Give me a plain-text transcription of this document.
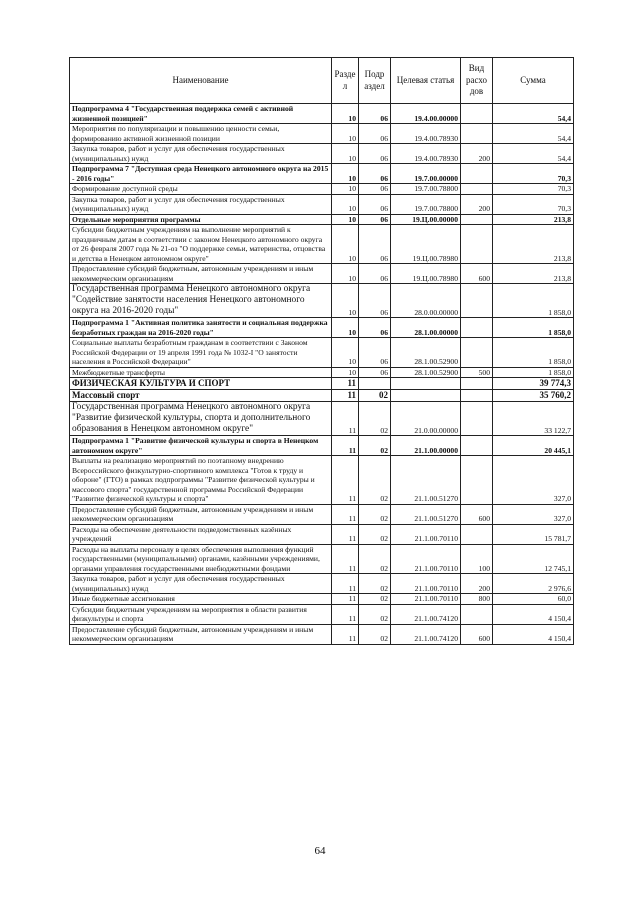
Наименование	Разде л	Подр аздел	Целевая статья	Вид расхо дов	Сумма
Подпрограмма 4 "Государственная поддержка семей с активной жизненной позицией"	10	06	19.4.00.00000		54,4
Мероприятия по популяризации и повышению ценности семьи, формированию активной жизненной позиции	10	06	19.4.00.78930		54,4
Закупка товаров, работ и услуг для обеспечения государственных (муниципальных) нужд	10	06	19.4.00.78930	200	54,4
Подпрограмма 7 "Доступная среда Ненецкого автономного округа на 2015 - 2016 годы"	10	06	19.7.00.00000		70,3
Формирование доступной среды	10	06	19.7.00.78800		70,3
Закупка товаров, работ и услуг для обеспечения государственных (муниципальных) нужд	10	06	19.7.00.78800	200	70,3
Отдельные мероприятия программы	10	06	19.Ц.00.00000		213,8
Субсидии бюджетным учреждениям на выполнение мероприятий к праздничным датам в соответствии с законом Ненецкого автономного округа от 26 февраля 2007 года № 21-оз "О поддержке семьи, материнства, отцовства и детства в Ненецком автономном округе"	10	06	19.Ц.00.78980		213,8
Предоставление субсидий бюджетным, автономным учреждениям и иным некоммерческим организациям	10	06	19.Ц.00.78980	600	213,8
Государственная программа Ненецкого автономного округа "Содействие занятости населения Ненецкого автономного округа на 2016-2020 годы"	10	06	28.0.00.00000		1 858,0
Подпрограмма 1 "Активная политика занятости и социальная поддержка безработных граждан на 2016-2020 годы"	10	06	28.1.00.00000		1 858,0
Социальные выплаты безработным гражданам в соответствии с Законом Российской Федерации от 19 апреля 1991 года № 1032-I "О занятости населения в Российской Федерации"	10	06	28.1.00.52900		1 858,0
Межбюджетные трансферты	10	06	28.1.00.52900	500	1 858,0
ФИЗИЧЕСКАЯ КУЛЬТУРА И СПОРТ	11				39 774,3
Массовый спорт	11	02			35 760,2
Государственная программа Ненецкого автономного округа "Развитие физической культуры, спорта и дополнительного образования в Ненецком автономном округе"	11	02	21.0.00.00000		33 122,7
Подпрограмма 1 "Развитие физической культуры и спорта в Ненецком автономном округе"	11	02	21.1.00.00000		20 445,1
Выплаты на реализацию мероприятий по поэтапному внедрению Всероссийского физкультурно-спортивного комплекса "Готов к труду и обороне" (ГТО) в рамках подпрограммы "Развитие физической культуры и массового спорта" государственной программы Российской Федерации "Развитие физической культуры и спорта"	11	02	21.1.00.51270		327,0
Предоставление субсидий бюджетным, автономным учреждениям и иным некоммерческим организациям	11	02	21.1.00.51270	600	327,0
Расходы на обеспечение деятельности подведомственных казённых учреждений	11	02	21.1.00.70110		15 781,7
Расходы на выплаты персоналу в целях обеспечения выполнения функций государственными (муниципальными) органами, казёнными учреждениями, органами управления государственными внебюджетными фондами	11	02	21.1.00.70110	100	12 745,1
Закупка товаров, работ и услуг для обеспечения государственных (муниципальных) нужд	11	02	21.1.00.70110	200	2 976,6
Иные бюджетные ассигнования	11	02	21.1.00.70110	800	60,0
Субсидии бюджетным учреждениям на мероприятия в области развития физкультуры и спорта	11	02	21.1.00.74120		4 150,4
Предоставление субсидий бюджетным, автономным учреждениям и иным некоммерческим организациям	11	02	21.1.00.74120	600	4 150,4
64
